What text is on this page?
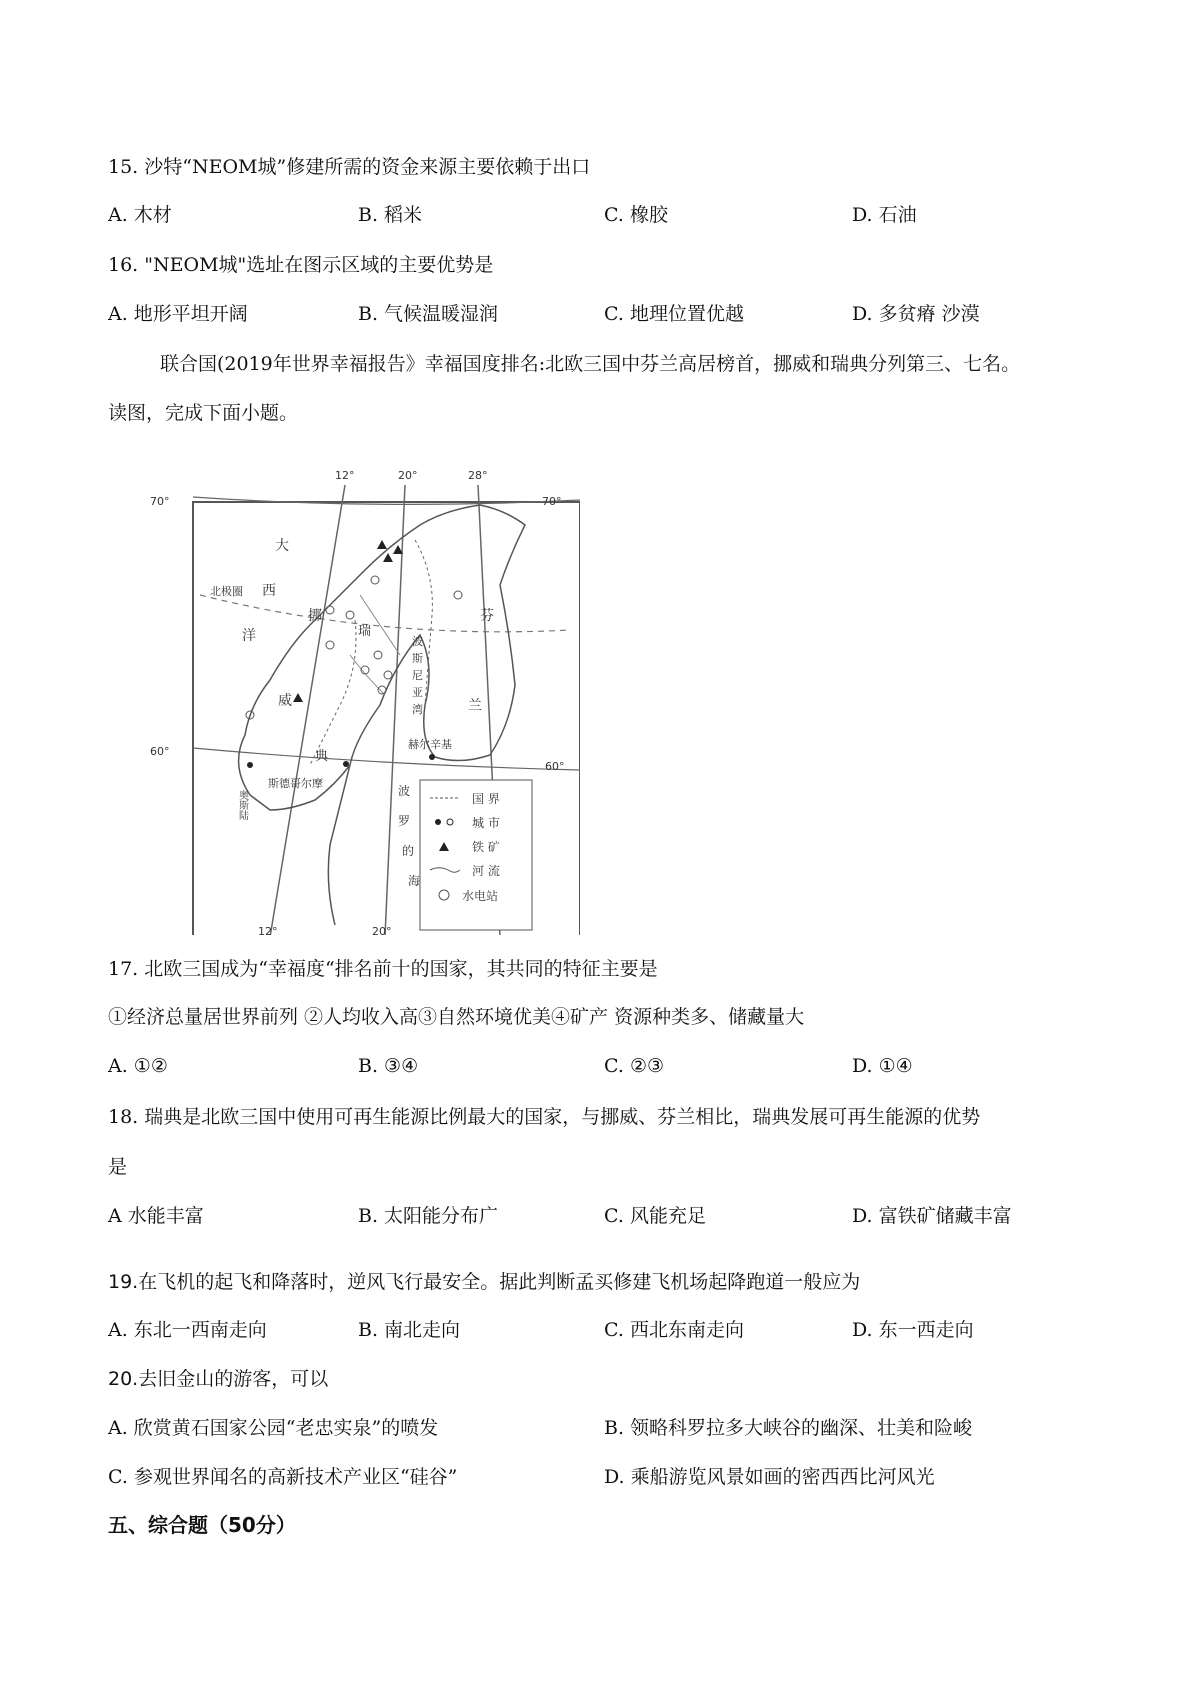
15. 沙特“NEOM城”修建所需的资金来源主要依赖于出口
A. 木材	B. 稻米	C. 橡胶	D. 石油
16. "NEOM城"选址在图示区域的主要优势是
A. 地形平坦开阔	B. 气候温暖湿润	C. 地理位置优越	D. 多贫瘠 沙漠
联合国(2019年世界幸福报告》幸福国度排名:北欧三国中芬兰高居榜首，挪威和瑞典分列第三、七名。
读图，完成下面小题。
12°	20°	28°
12°	20°
70°	70°
60°
60°
北极圈
大
西
洋
挪
威
瑞
典
芬
兰
波
罗
的
海
波
斯
尼
亚
湾
斯德哥尔摩
赫尔辛基
奥斯陆	国 界
城 市
铁 矿
河 流
水电站
17. 北欧三国成为“幸福度“排名前十的国家，其共同的特征主要是
①经济总量居世界前列 ②人均收入高③自然环境优美④矿产 资源种类多、储藏量大
A. ①②	B. ③④	C. ②③	D. ①④
18. 瑞典是北欧三国中使用可再生能源比例最大的国家，与挪威、芬兰相比，瑞典发展可再生能源的优势
是
A 水能丰富	B. 太阳能分布广	C. 风能充足	D. 富铁矿储藏丰富
19.在飞机的起飞和降落时，逆风飞行最安全。据此判断孟买修建飞机场起降跑道一般应为
A. 东北一西南走向	B. 南北走向	C. 西北东南走向	D. 东一西走向
20.去旧金山的游客，可以
A. 欣赏黄石国家公园“老忠实泉”的喷发	B. 领略科罗拉多大峡谷的幽深、壮美和险峻
C. 参观世界闻名的高新技术产业区“硅谷”	D. 乘船游览风景如画的密西西比河风光
五、综合题（50分）
